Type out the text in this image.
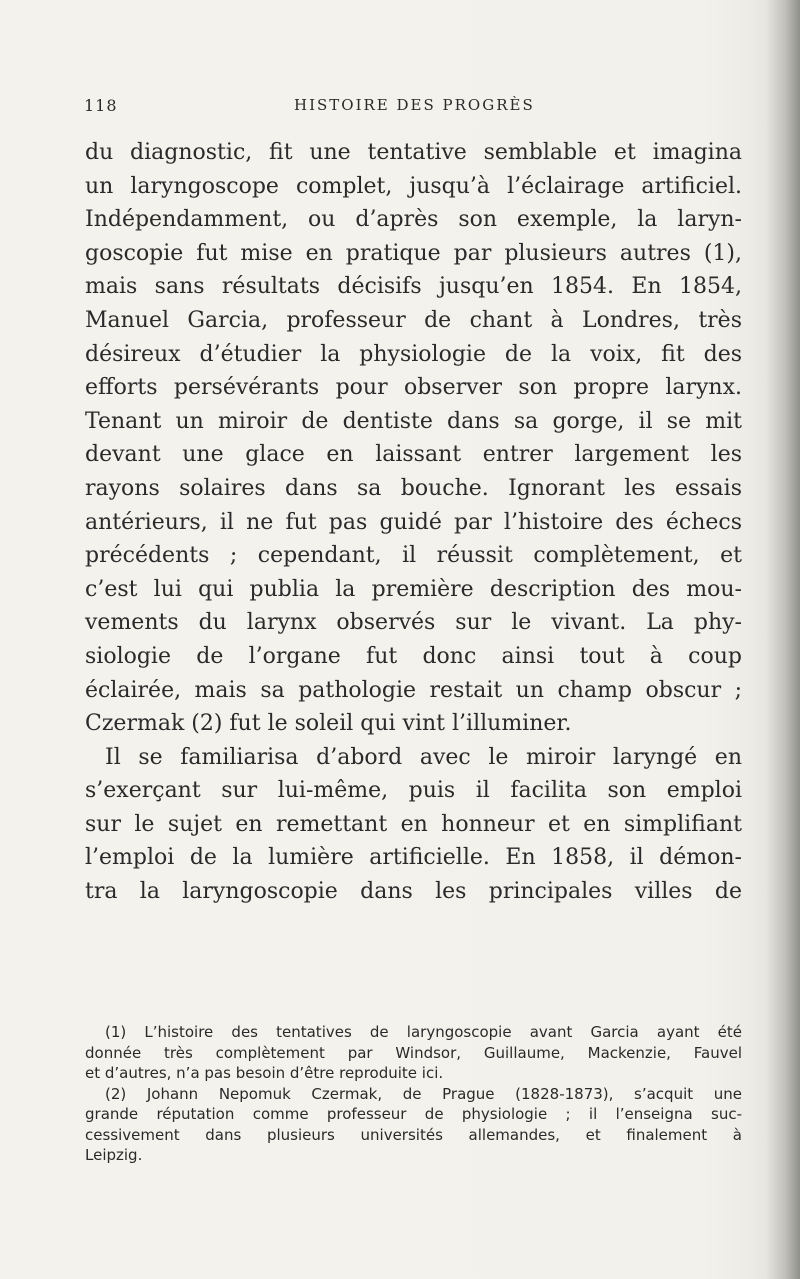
118	HISTOIRE DES PROGRÈS
du diagnostic, fit une tentative semblable et imagina
un laryngoscope complet, jusqu’à l’éclairage artificiel.
Indépendamment, ou d’après son exemple, la laryn-
goscopie fut mise en pratique par plusieurs autres (1),
mais sans résultats décisifs jusqu’en 1854. En 1854,
Manuel Garcia, professeur de chant à Londres, très
désireux d’étudier la physiologie de la voix, fit des
efforts persévérants pour observer son propre larynx.
Tenant un miroir de dentiste dans sa gorge, il se mit
devant une glace en laissant entrer largement les
rayons solaires dans sa bouche. Ignorant les essais
antérieurs, il ne fut pas guidé par l’histoire des échecs
précédents ; cependant, il réussit complètement, et
c’est lui qui publia la première description des mou-
vements du larynx observés sur le vivant. La phy-
siologie de l’organe fut donc ainsi tout à coup
éclairée, mais sa pathologie restait un champ obscur ;
Czermak (2) fut le soleil qui vint l’illuminer.
Il se familiarisa d’abord avec le miroir laryngé en
s’exerçant sur lui-même, puis il facilita son emploi
sur le sujet en remettant en honneur et en simplifiant
l’emploi de la lumière artificielle. En 1858, il démon-
tra la laryngoscopie dans les principales villes de
(1) L’histoire des tentatives de laryngoscopie avant Garcia ayant été
donnée très complètement par Windsor, Guillaume, Mackenzie, Fauvel
et d’autres, n’a pas besoin d’être reproduite ici.
(2) Johann Nepomuk Czermak, de Prague (1828-1873), s’acquit une
grande réputation comme professeur de physiologie ; il l’enseigna suc-
cessivement dans plusieurs universités allemandes, et finalement à
Leipzig.
